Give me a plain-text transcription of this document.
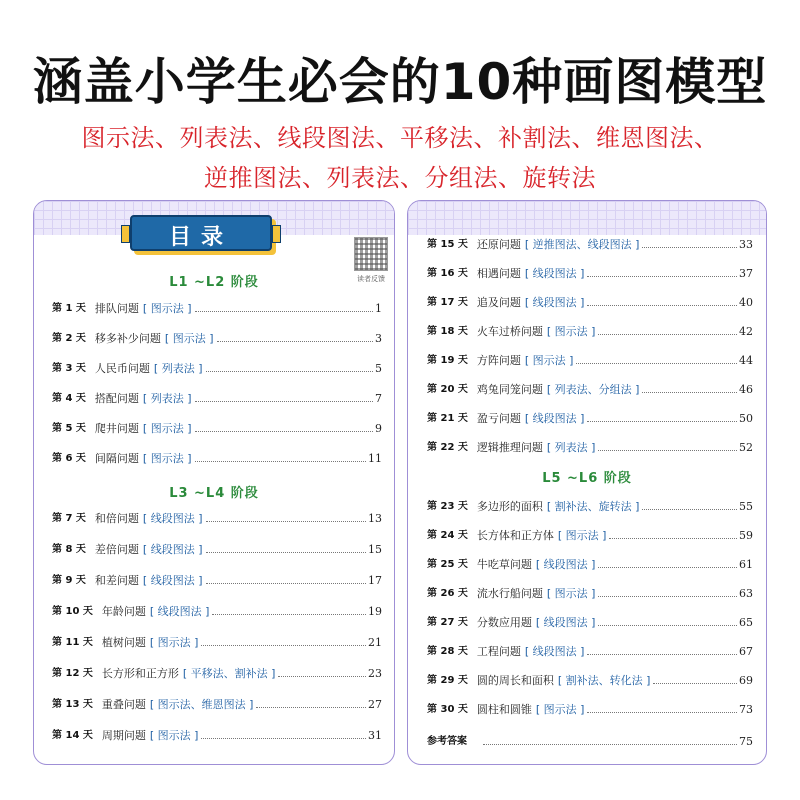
涵盖小学生必会的10种画图模型
图示法、列表法、线段图法、平移法、补割法、维恩图法、
逆推图法、列表法、分组法、旋转法
目录
读者反馈
L1 ~L2 阶段
L3 ~L4 阶段
L5 ~L6 阶段
第 1 天 排队问题 [ 图示法 ]	1
第 2 天 移多补少问题 [ 图示法 ]	3
第 3 天 人民币问题 [ 列表法 ]	5
第 4 天 搭配问题 [ 列表法 ]	7
第 5 天 爬井问题 [ 图示法 ]	9
第 6 天 间隔问题 [ 图示法 ]	11
第 7 天 和倍问题 [ 线段图法 ]	13
第 8 天 差倍问题 [ 线段图法 ]	15
第 9 天 和差问题 [ 线段图法 ]	17
第 10 天 年龄问题 [ 线段图法 ]	19
第 11 天 植树问题 [ 图示法 ]	21
第 12 天 长方形和正方形 [ 平移法、割补法 ]	23
第 13 天 重叠问题 [ 图示法、维恩图法 ]	27
第 14 天 周期问题 [ 图示法 ]	31
第 15 天 还原问题 [ 逆推图法、线段图法 ]	33
第 16 天 相遇问题 [ 线段图法 ]	37
第 17 天 追及问题 [ 线段图法 ]	40
第 18 天 火车过桥问题 [ 图示法 ]	42
第 19 天 方阵问题 [ 图示法 ]	44
第 20 天 鸡兔同笼问题 [ 列表法、分组法 ]	46
第 21 天 盈亏问题 [ 线段图法 ]	50
第 22 天 逻辑推理问题 [ 列表法 ]	52
第 23 天 多边形的面积 [ 割补法、旋转法 ]	55
第 24 天 长方体和正方体 [ 图示法 ]	59
第 25 天 牛吃草问题 [ 线段图法 ]	61
第 26 天 流水行船问题 [ 图示法 ]	63
第 27 天 分数应用题 [ 线段图法 ]	65
第 28 天 工程问题 [ 线段图法 ]	67
第 29 天 圆的周长和面积 [ 割补法、转化法 ]	69
第 30 天 圆柱和圆锥 [ 图示法 ]	73
参考答案	75
